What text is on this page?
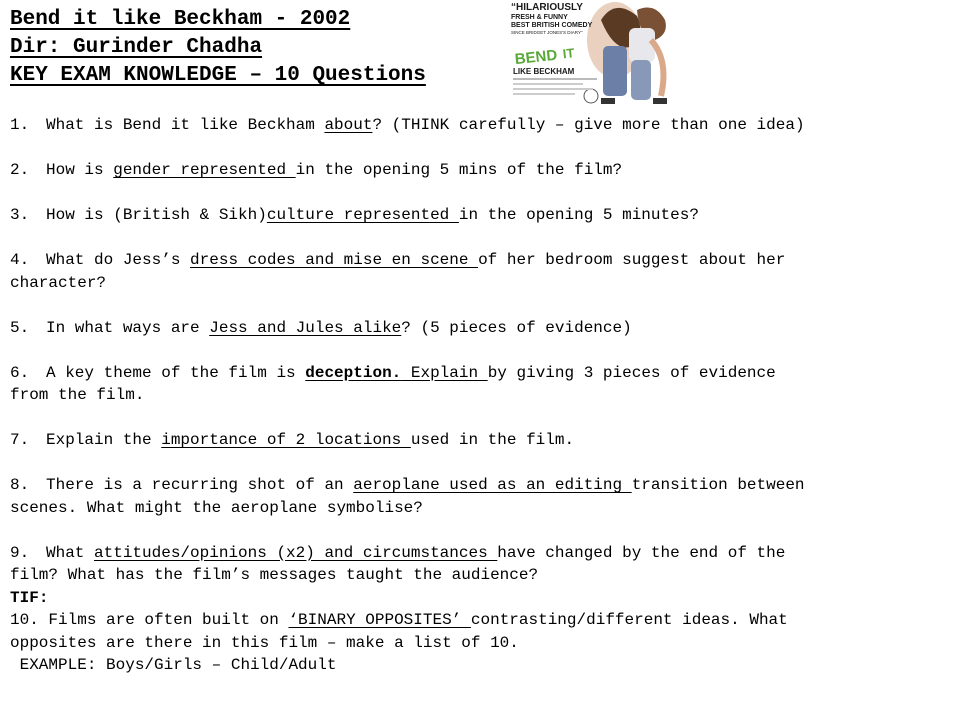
Bend it like Beckham - 2002
Dir: Gurinder Chadha
KEY EXAM KNOWLEDGE – 10 Questions
“HILARIOUSLY
FRESH & FUNNY
BEST BRITISH COMEDY
SINCE BRIDGET JONES'S DIARY”
BEND IT
LIKE BECKHAM
1. What is Bend it like Beckham about? (THINK carefully – give more than one idea)
2. How is gender represented in the opening 5 mins of the film?
3. How is (British & Sikh)culture represented in the opening 5 minutes?
4. What do Jess’s dress codes and mise en scene of her bedroom suggest about her
character?
5. In what ways are Jess and Jules alike? (5 pieces of evidence)
6. A key theme of the film is deception. Explain by giving 3 pieces of evidence
from the film.
7. Explain the importance of 2 locations used in the film.
8. There is a recurring shot of an aeroplane used as an editing transition between
scenes. What might the aeroplane symbolise?
9. What attitudes/opinions (x2) and circumstances have changed by the end of the
film? What has the film’s messages taught the audience?
TIF:
10. Films are often built on ‘BINARY OPPOSITES’ contrasting/different ideas. What
opposites are there in this film – make a list of 10.
EXAMPLE: Boys/Girls – Child/Adult
